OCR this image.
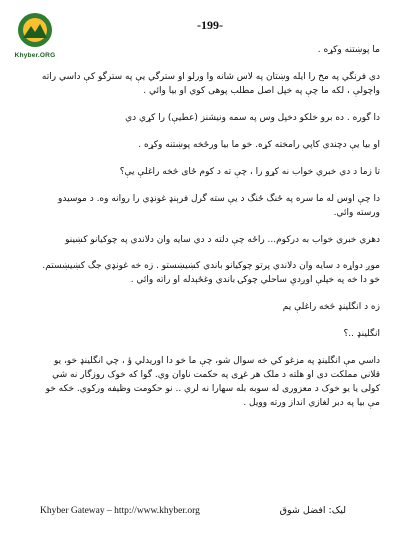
Khyber.ORG
-199-

ما پوښتنه وکړه .

دي فرنگي په مخ را ايله وښتان په لاس شانه وا ورلو او سترگي يې په سترگو کې داسي راته واچولې ، لکه ما چې په خپل اصل مطلب پوهی کوي او بيا وائي .

دا گوره . ده برو خلکو دخپل وس په سمه ونيشنز (عطيې) را کړي دي

او بيا يې دچندي کاپي رامخته کړه. خو ما بيا ورځخه پوښتنه وکړه .

تا زما د دي خبري خواب نه کړو را ، چې ته د کوم ځاى څخه راغلې يې؟

دا چې اوس له ما سره په ځنگ ځنگ د يې سته گرل فرېنډ غونډي را روانه وه. د موسيدو ورسته وائي.

دهري خبري خواب به درکوم... راځه چې دلته د دي سايه وان دلاندي په چوکيانو کښينو

موږ دواړه د سايه وان دلاندي پرتو چوکيانو باندي کښيښستو . زه خه غونډي جگ کښيښستم. خو دا خه په خپلې اوږدې ساحلي چوکۍ باندي وغځېدله او راته وائي .

زه د انگلينډ څخه راغلې يم

انگلينډ ..؟

داسي مې انگلينډ په مزغو کي خه سوال شو، چې ما خو دا اوريدلي ؤ ، چي انگلينډ خو، يو قلاني مملکت دی او هلته د ملک هر غړى په حکمت ناوان وي. گوا که خوک روزگار نه شي کولی يا يو خوک د معزورى له سوبه بله سهارا نه لري .. نو حکومت وظيفه ورکوي. خکه خو مې بيا په دبر لغازي انداز ورته وويل .

Khyber Gateway – http://www.khyber.org	ليک: افضل شوق
